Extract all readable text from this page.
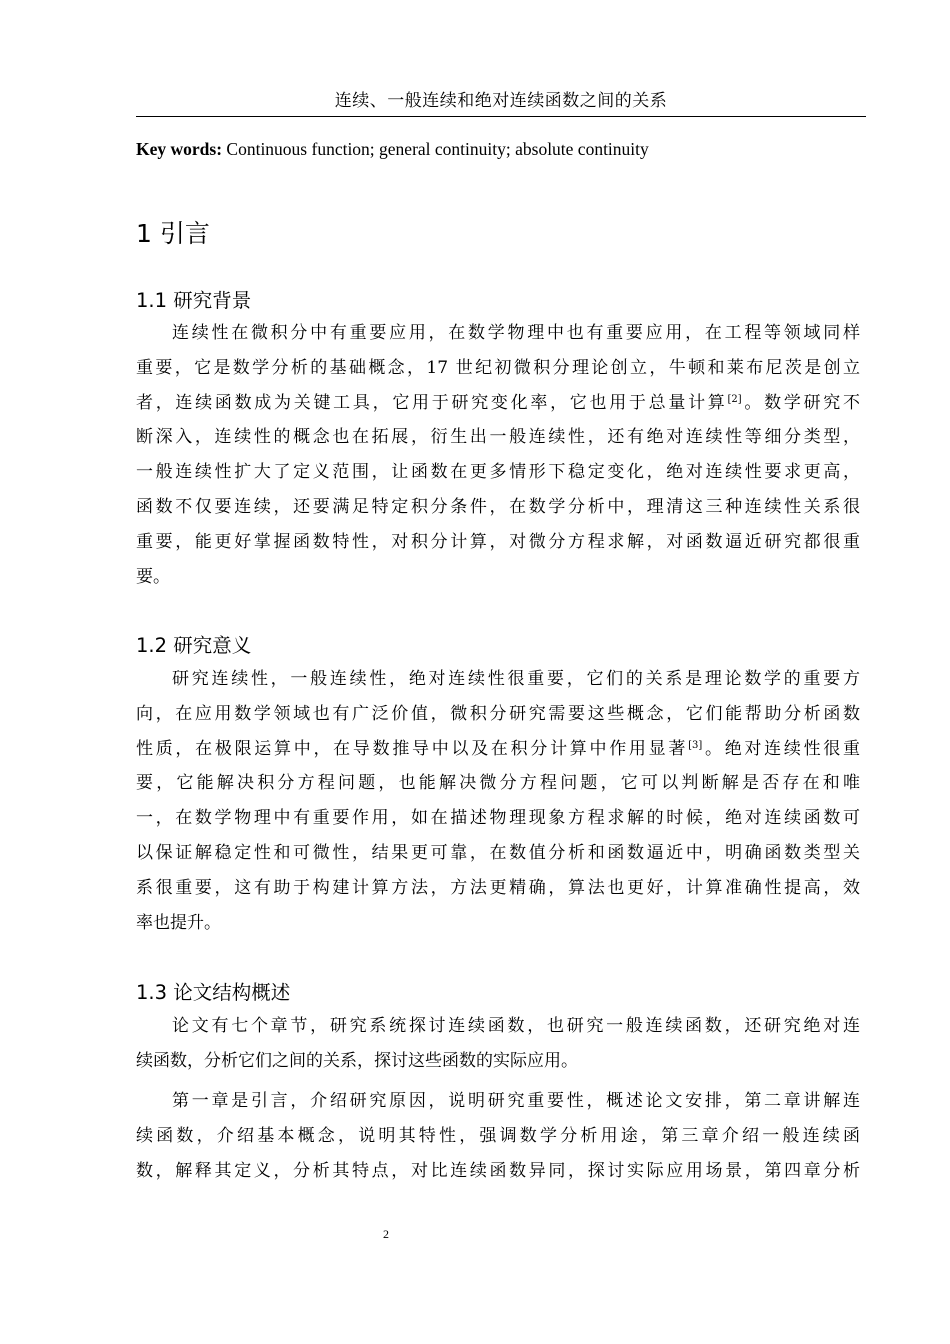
连续、一般连续和绝对连续函数之间的关系
Key words: Continuous function; general continuity; absolute continuity
1 引言
1.1 研究背景
连续性在微积分中有重要应用，在数学物理中也有重要应用，在工程等领域同样
重要，它是数学分析的基础概念，17 世纪初微积分理论创立，牛顿和莱布尼茨是创立
者，连续函数成为关键工具，它用于研究变化率，它也用于总量计算[2]。数学研究不
断深入，连续性的概念也在拓展，衍生出一般连续性，还有绝对连续性等细分类型，
一般连续性扩大了定义范围，让函数在更多情形下稳定变化，绝对连续性要求更高，
函数不仅要连续，还要满足特定积分条件，在数学分析中，理清这三种连续性关系很
重要，能更好掌握函数特性，对积分计算，对微分方程求解，对函数逼近研究都很重
要。
1.2 研究意义
研究连续性，一般连续性，绝对连续性很重要，它们的关系是理论数学的重要方
向，在应用数学领域也有广泛价值，微积分研究需要这些概念，它们能帮助分析函数
性质，在极限运算中，在导数推导中以及在积分计算中作用显著[3]。绝对连续性很重
要，它能解决积分方程问题，也能解决微分方程问题，它可以判断解是否存在和唯
一，在数学物理中有重要作用，如在描述物理现象方程求解的时候，绝对连续函数可
以保证解稳定性和可微性，结果更可靠，在数值分析和函数逼近中，明确函数类型关
系很重要，这有助于构建计算方法，方法更精确，算法也更好，计算准确性提高，效
率也提升。
1.3 论文结构概述
论文有七个章节，研究系统探讨连续函数，也研究一般连续函数，还研究绝对连
续函数，分析它们之间的关系，探讨这些函数的实际应用。
第一章是引言，介绍研究原因，说明研究重要性，概述论文安排，第二章讲解连
续函数，介绍基本概念，说明其特性，强调数学分析用途，第三章介绍一般连续函
数，解释其定义，分析其特点，对比连续函数异同，探讨实际应用场景，第四章分析
2
